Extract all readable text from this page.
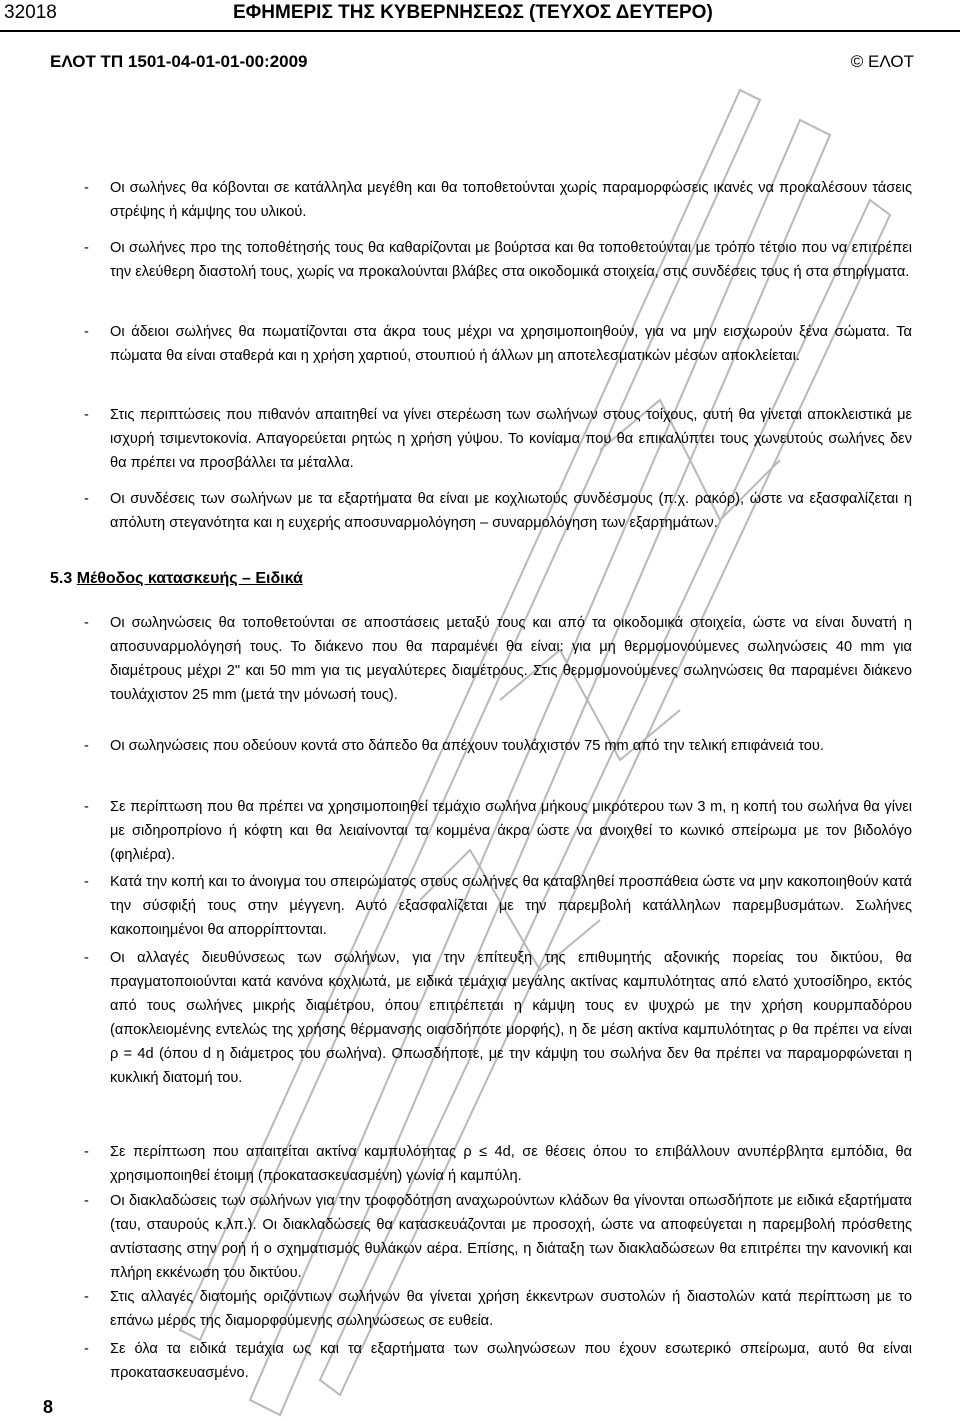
32018	ΕΦΗΜΕΡΙΣ ΤΗΣ ΚΥΒΕΡΝΗΣΕΩΣ (ΤΕΥΧΟΣ ΔΕΥΤΕΡΟ)
ΕΛΟΤ ΤΠ 1501-04-01-01-00:2009	© ΕΛΟΤ
- Οι σωλήνες θα κόβονται σε κατάλληλα μεγέθη και θα τοποθετούνται χωρίς παραμορφώσεις ικανές να προκαλέσουν τάσεις στρέψης ή κάμψης του υλικού.
- Οι σωλήνες προ της τοποθέτησής τους θα καθαρίζονται με βούρτσα και θα τοποθετούνται με τρόπο τέτοιο που να επιτρέπει την ελεύθερη διαστολή τους, χωρίς να προκαλούνται βλάβες στα οικοδομικά στοιχεία, στις συνδέσεις τους ή στα στηρίγματα.
- Οι άδειοι σωλήνες θα πωματίζονται στα άκρα τους μέχρι να χρησιμοποιηθούν, για να μην εισχωρούν ξένα σώματα. Τα πώματα θα είναι σταθερά και η χρήση χαρτιού, στουπιού ή άλλων μη αποτελεσματικών μέσων αποκλείεται.
- Στις περιπτώσεις που πιθανόν απαιτηθεί να γίνει στερέωση των σωλήνων στους τοίχους, αυτή θα γίνεται αποκλειστικά με ισχυρή τσιμεντοκονία. Απαγορεύεται ρητώς η χρήση γύψου. Το κονίαμα που θα επικαλύπτει τους χωνευτούς σωλήνες δεν θα πρέπει να προσβάλλει τα μέταλλα.
- Οι συνδέσεις των σωλήνων με τα εξαρτήματα θα είναι με κοχλιωτούς συνδέσμους (π.χ. ρακόρ), ώστε να εξασφαλίζεται η απόλυτη στεγανότητα και η ευχερής αποσυναρμολόγηση – συναρμολόγηση των εξαρτημάτων.
5.3 Μέθοδος κατασκευής – Ειδικά
- Οι σωληνώσεις θα τοποθετούνται σε αποστάσεις μεταξύ τους και από τα οικοδομικά στοιχεία, ώστε να είναι δυνατή η αποσυναρμολόγησή τους. Το διάκενο που θα παραμένει θα είναι: για μη θερμομονούμενες σωληνώσεις 40 mm για διαμέτρους μέχρι 2" και 50 mm για τις μεγαλύτερες διαμέτρους. Στις θερμομονούμενες σωληνώσεις θα παραμένει διάκενο τουλάχιστον 25 mm (μετά την μόνωσή τους).
- Οι σωληνώσεις που οδεύουν κοντά στο δάπεδο θα απέχουν τουλάχιστον 75 mm από την τελική επιφάνειά του.
- Σε περίπτωση που θα πρέπει να χρησιμοποιηθεί τεμάχιο σωλήνα μήκους μικρότερου των 3 m, η κοπή του σωλήνα θα γίνει με σιδηροπρίονο ή κόφτη και θα λειαίνονται τα κομμένα άκρα ώστε να ανοιχθεί το κωνικό σπείρωμα με τον βιδολόγο (φηλιέρα).
- Κατά την κοπή και το άνοιγμα του σπειρώματος στους σωλήνες θα καταβληθεί προσπάθεια ώστε να μην κακοποιηθούν κατά την σύσφιξή τους στην μέγγενη. Αυτό εξασφαλίζεται με την παρεμβολή κατάλληλων παρεμβυσμάτων. Σωλήνες κακοποιημένοι θα απορρίπτονται.
- Οι αλλαγές διευθύνσεως των σωλήνων, για την επίτευξη της επιθυμητής αξονικής πορείας του δικτύου, θα πραγματοποιούνται κατά κανόνα κοχλιωτά, με ειδικά τεμάχια μεγάλης ακτίνας καμπυλότητας από ελατό χυτοσίδηρο, εκτός από τους σωλήνες μικρής διαμέτρου, όπου επιτρέπεται η κάμψη τους εν ψυχρώ με την χρήση κουρμπαδόρου (αποκλειομένης εντελώς της χρήσης θέρμανσης οιασδήποτε μορφής), η δε μέση ακτίνα καμπυλότητας ρ θα πρέπει να είναι ρ = 4d (όπου d η διάμετρος του σωλήνα). Οπωσδήποτε, με την κάμψη του σωλήνα δεν θα πρέπει να παραμορφώνεται η κυκλική διατομή του.
- Σε περίπτωση που απαιτείται ακτίνα καμπυλότητας ρ ≤ 4d, σε θέσεις όπου το επιβάλλουν ανυπέρβλητα εμπόδια, θα χρησιμοποιηθεί έτοιμη (προκατασκευασμένη) γωνία ή καμπύλη.
- Οι διακλαδώσεις των σωλήνων για την τροφοδότηση αναχωρούντων κλάδων θα γίνονται οπωσδήποτε με ειδικά εξαρτήματα (ταυ, σταυρούς κ.λπ.). Οι διακλαδώσεις θα κατασκευάζονται με προσοχή, ώστε να αποφεύγεται η παρεμβολή πρόσθετης αντίστασης στην ροή ή ο σχηματισμός θυλάκων αέρα. Επίσης, η διάταξη των διακλαδώσεων θα επιτρέπει την κανονική και πλήρη εκκένωση του δικτύου.
- Στις αλλαγές διατομής οριζόντιων σωλήνων θα γίνεται χρήση έκκεντρων συστολών ή διαστολών κατά περίπτωση με το επάνω μέρος της διαμορφούμενης σωληνώσεως σε ευθεία.
- Σε όλα τα ειδικά τεμάχια ως και τα εξαρτήματα των σωληνώσεων που έχουν εσωτερικό σπείρωμα, αυτό θα είναι προκατασκευασμένο.
8
